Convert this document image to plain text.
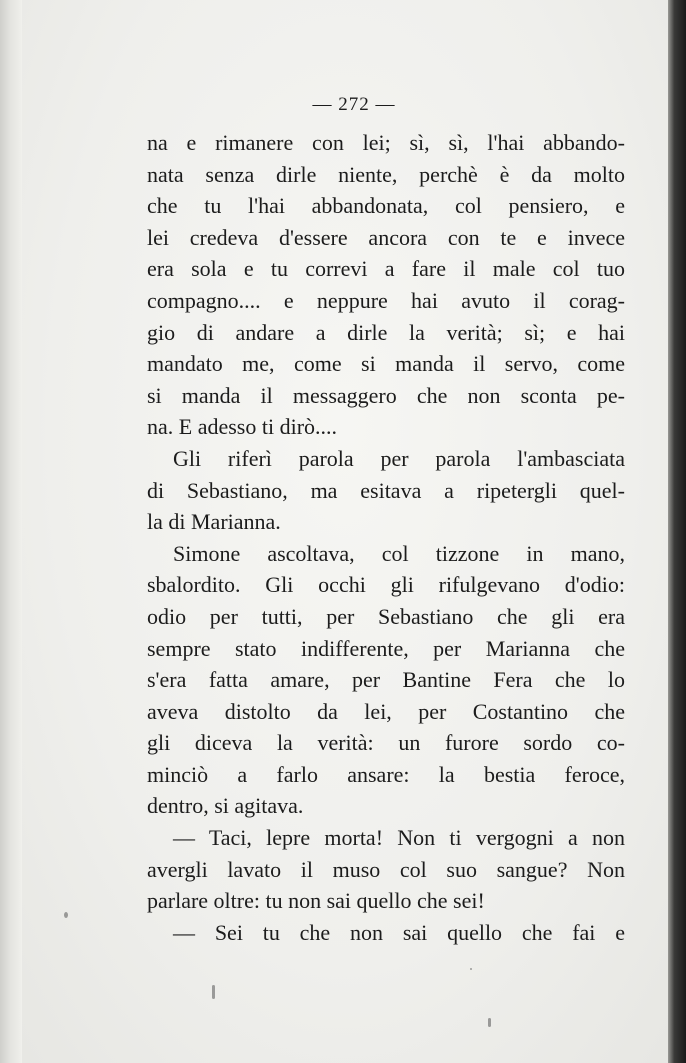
— 272 —
na e rimanere con lei; sì, sì, l'hai abbando-
nata senza dirle niente, perchè è da molto
che tu l'hai abbandonata, col pensiero, e
lei credeva d'essere ancora con te e invece
era sola e tu correvi a fare il male col tuo
compagno.... e neppure hai avuto il corag-
gio di andare a dirle la verità; sì; e hai
mandato me, come si manda il servo, come
si manda il messaggero che non sconta pe-
na. E adesso ti dirò....
Gli riferì parola per parola l'ambasciata
di Sebastiano, ma esitava a ripetergli quel-
la di Marianna.
Simone ascoltava, col tizzone in mano,
sbalordito. Gli occhi gli rifulgevano d'odio:
odio per tutti, per Sebastiano che gli era
sempre stato indifferente, per Marianna che
s'era fatta amare, per Bantine Fera che lo
aveva distolto da lei, per Costantino che
gli diceva la verità: un furore sordo co-
minciò a farlo ansare: la bestia feroce,
dentro, si agitava.
— Taci, lepre morta! Non ti vergogni a non
avergli lavato il muso col suo sangue? Non
parlare oltre: tu non sai quello che sei!
— Sei tu che non sai quello che fai e
